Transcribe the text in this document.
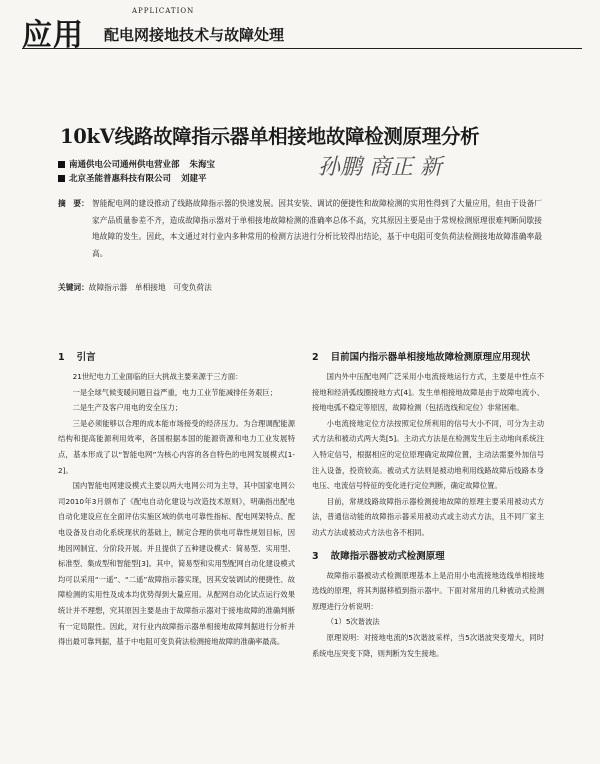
应用
APPLICATION
配电网接地技术与故障处理
10kV线路故障指示器单相接地故障检测原理分析
孙鹏 商正 新
南通供电公司通州供电营业部 朱海宝
北京圣能普惠科技有限公司 刘建平
摘　要： 智能配电网的建设推动了线路故障指示器的快速发展。因其安装、调试的便捷性和故障检测的实用性得到了大量应用，但由于设备厂家产品质量参差不齐，造成故障指示器对于单相接地故障检测的准确率总体不高，究其原因主要是由于常规检测原理很难判断间歇接地故障的发生。因此，本文通过对行业内多种常用的检测方法进行分析比较得出结论，基于中电阻可变负荷法检测接地故障准确率最高。
关键词：故障指示器　单相接地　可变负荷法
1 引言

21世纪电力工业面临的巨大挑战主要来源于三方面：

一是全球气候变暖问题日益严重，电力工业节能减排任务艰巨；

二是生产及客户用电的安全压力；

三是必须能够以合理的成本能市场接受的经济压力。为合理调配能源结构和提高能源利用效率，各国根据本国的能源资源和电力工业发展特点，基本形成了以“智能电网”为核心内容的各自特色的电网发展模式[1-2]。

国内智能电网建设模式主要以两大电网公司为主导，其中国家电网公司2010年3月颁布了《配电自动化建设与改造技术原则》，明确指出配电自动化建设应在全面评估实施区域的供电可靠性指标、配电网架特点、配电设备及自动化系统现状的基础上，制定合理的供电可靠性规划目标，因地因网制宜、分阶段开展。并且提供了五种建设模式：简易型、实用型、标准型、集成型和智能型[3]。其中，简易型和实用型配网自动化建设模式均可以采用“一遥”、“二遥”故障指示器实现，因其安装调试的便捷性、故障检测的实用性及成本均优势得到大量应用。从配网自动化试点运行效果统计并不理想，究其原因主要是由于故障指示器对于接地故障的准确判断有一定局限性。因此，对行业内故障指示器单相接地故障判据进行分析并得出最可靠判据，基于中电阻可变负荷法检测接地故障的准确率最高。

2 目前国内指示器单相接地故障检测原理应用现状

国内外中压配电网广泛采用小电流接地运行方式，主要是中性点不接地和经消弧线圈接地方式[4]。发生单相接地故障是由于故障电流小、接地电弧不稳定等原因，故障检测（包括选线和定位）非常困难。

小电流接地定位方法按照定位所利用的信号大小不同，可分为主动式方法和被动式两大类[5]。主动式方法是在检测发生后主动地向系统注入特定信号，根据相应的定位原理确定故障位置，主动法需要外加信号注入设备，投资较高。被动式方法则是被动地利用线路故障后线路本身电压、电流信号特征的变化进行定位判断，确定故障位置。

目前，常规线路故障指示器检测接地故障的原理主要采用被动式方法，普通信动能的故障指示器采用被动式或主动式方法，且不同厂家主动式方法或被动式方法也各不相同。

3 故障指示器被动式检测原理

故障指示器被动式检测原理基本上是沿用小电流接地选线单相接地选线的原理，将其判据移植到指示器中。下面对常用的几种被动式检测原理进行分析说明：

（1）5次谐波法

原理说明：对接地电流的5次谐波采样，当5次谐波突变增大，同时系统电压突变下降，则判断为发生接地。
